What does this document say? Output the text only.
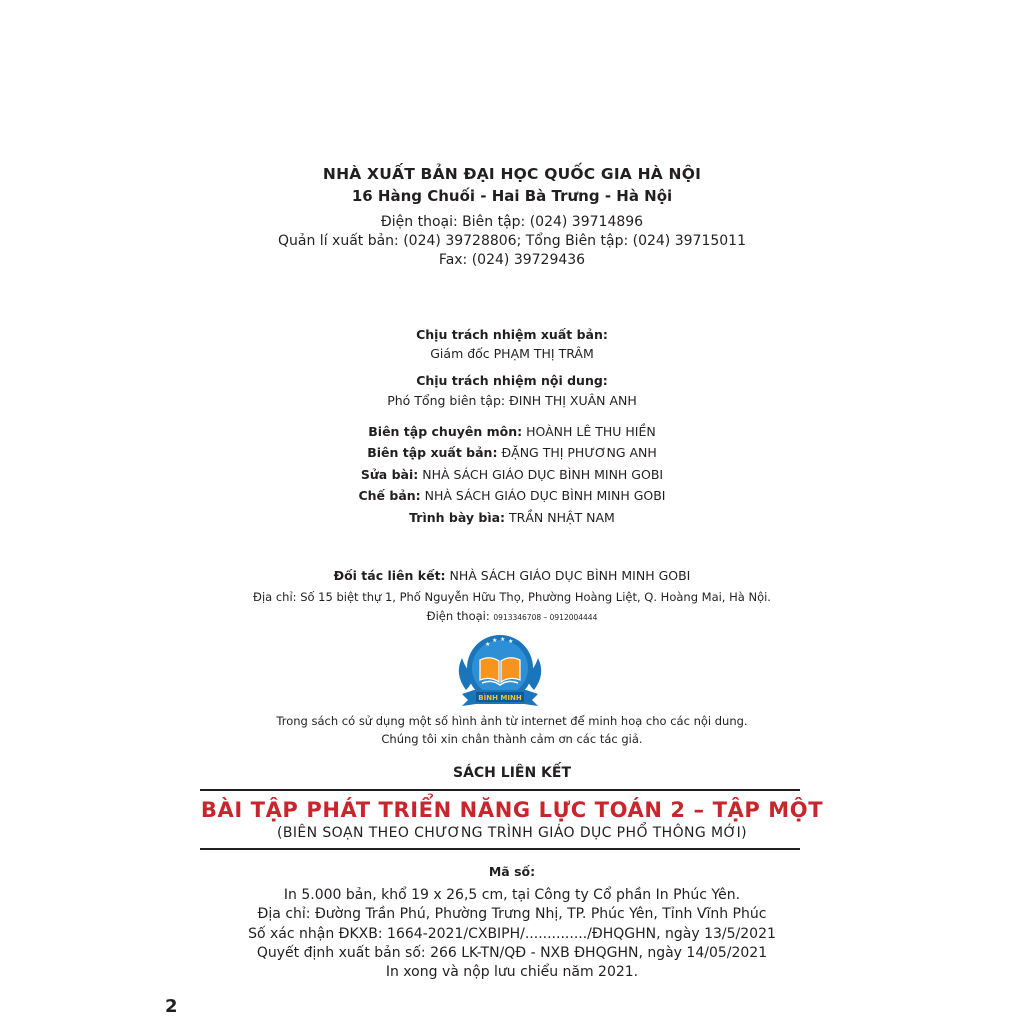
NHÀ XUẤT BẢN ĐẠI HỌC QUỐC GIA HÀ NỘI
16 Hàng Chuối - Hai Bà Trưng - Hà Nội
Điện thoại: Biên tập: (024) 39714896
Quản lí xuất bản: (024) 39728806; Tổng Biên tập: (024) 39715011
Fax: (024) 39729436
Chịu trách nhiệm xuất bản:
Giám đốc PHẠM THỊ TRÂM
Chịu trách nhiệm nội dung:
Phó Tổng biên tập: ĐINH THỊ XUÂN ANH
Biên tập chuyên môn: HOÀNH LÊ THU HIỀN
Biên tập xuất bản: ĐẶNG THỊ PHƯƠNG ANH
Sửa bài: NHÀ SÁCH GIÁO DỤC BÌNH MINH GOBI
Chế bản: NHÀ SÁCH GIÁO DỤC BÌNH MINH GOBI
Trình bày bìa: TRẦN NHẬT NAM
Đối tác liên kết: NHÀ SÁCH GIÁO DỤC BÌNH MINH GOBI
Địa chỉ: Số 15 biệt thự 1, Phố Nguyễn Hữu Thọ, Phường Hoàng Liệt, Q. Hoàng Mai, Hà Nội.
Điện thoại: 0913346708 – 0912004444
★
★ ★ ★
BÌNH MINH
Trong sách có sử dụng một số hình ảnh từ internet để minh hoạ cho các nội dung.
Chúng tôi xin chân thành cảm ơn các tác giả.
SÁCH LIÊN KẾT
BÀI TẬP PHÁT TRIỂN NĂNG LỰC TOÁN 2 – TẬP MỘT
(BIÊN SOẠN THEO CHƯƠNG TRÌNH GIÁO DỤC PHỔ THÔNG MỚI)
Mã số:
In 5.000 bản, khổ 19 x 26,5 cm, tại Công ty Cổ phần In Phúc Yên.
Địa chỉ: Đường Trần Phú, Phường Trưng Nhị, TP. Phúc Yên, Tỉnh Vĩnh Phúc
Số xác nhận ĐKXB: 1664-2021/CXBIPH/............../ĐHQGHN, ngày 13/5/2021
Quyết định xuất bản số: 266 LK-TN/QĐ - NXB ĐHQGHN, ngày 14/05/2021
In xong và nộp lưu chiểu năm 2021.
2
